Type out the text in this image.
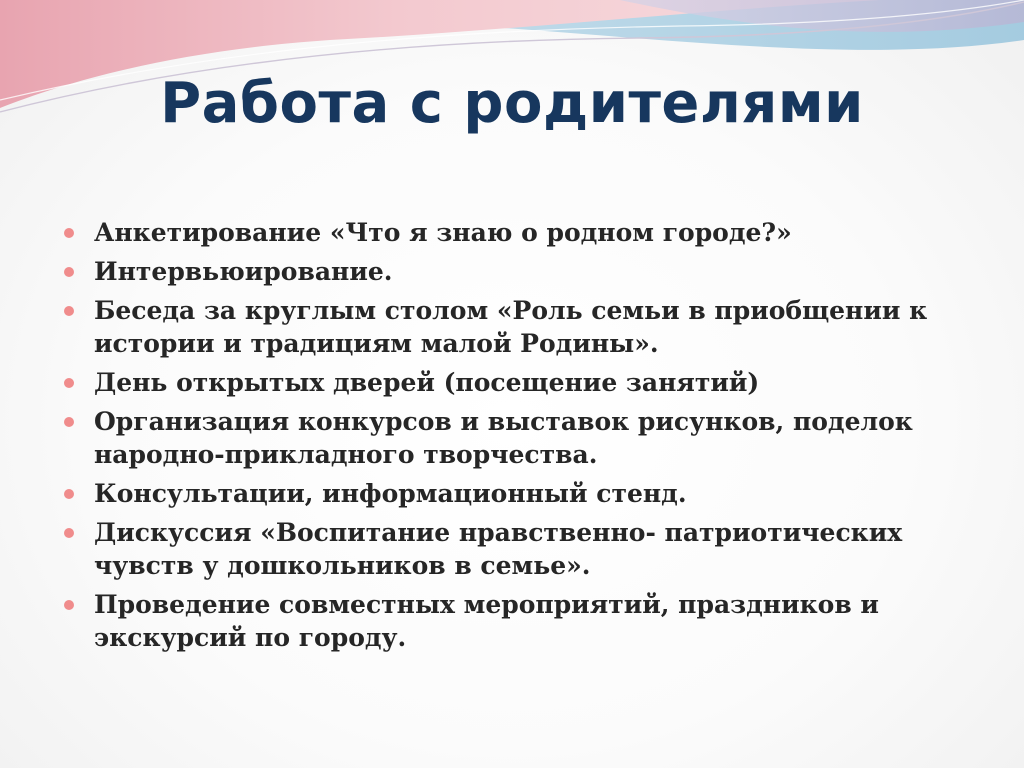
Работа с родителями
Анкетирование «Что я знаю о родном городе?»
Интервьюирование.
Беседа за круглым столом «Роль семьи в приобщении к истории и традициям малой Родины».
День открытых дверей (посещение занятий)
Организация конкурсов и выставок рисунков, поделок народно-прикладного творчества.
Консультации, информационный стенд.
Дискуссия «Воспитание нравственно- патриотических чувств у дошкольников в семье».
Проведение совместных мероприятий, праздников и экскурсий по городу.
